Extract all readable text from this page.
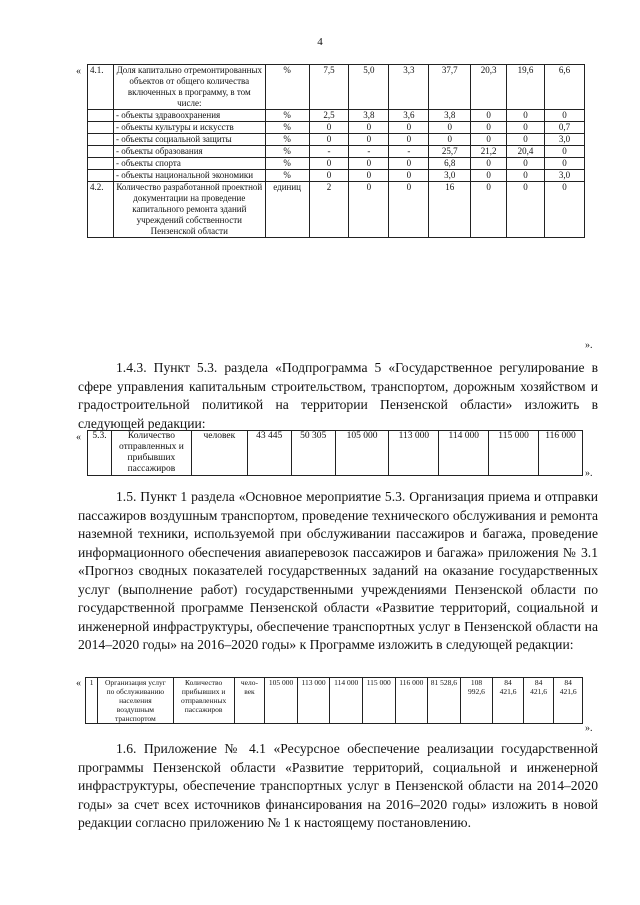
4
« 4.1.	Доля капитально отремонтированных объектов от общего количества включенных в программу, в том числе:	%	7,5	5,0	3,3	37,7	20,3	19,6	6,6
	- объекты здравоохранения	%	2,5	3,8	3,6	3,8	0	0	0
	- объекты культуры и искусств	%	0	0	0	0	0	0	0,7
	- объекты социальной защиты	%	0	0	0	0	0	0	3,0
	- объекты образования	%	-	-	-	25,7	21,2	20,4	0
	- объекты спорта	%	0	0	0	6,8	0	0	0
	- объекты национальной экономики	%	0	0	0	3,0	0	0	3,0
4.2.	Количество разработанной проектной документации на проведение капитального ремонта зданий учреждений собственности Пензенской области	единиц	2	0	0	16	0	0	0
».

1.4.3. Пункт 5.3. раздела «Подпрограмма 5 «Государственное регулирование в сфере управления капитальным строительством, транспортом, дорожным хозяйством и градостроительной политикой на территории Пензенской области» изложить в следующей редакции:

« 5.3.	Количество отправленных и прибывших пассажиров	человек	43 445	50 305	105 000	113 000	114 000	115 000	116 000
».

1.5. Пункт 1 раздела «Основное мероприятие 5.3. Организация приема и отправки пассажиров воздушным транспортом, проведение технического обслуживания и ремонта наземной техники, используемой при обслуживании пассажиров и багажа, проведение информационного обеспечения авиаперевозок пассажиров и багажа» приложения № 3.1 «Прогноз сводных показателей государственных заданий на оказание государственных услуг (выполнение работ) государственными учреждениями Пензенской области по государственной программе Пензенской области «Развитие территорий, социальной и инженерной инфраструктуры, обеспечение транспортных услуг в Пензенской области на 2014–2020 годы» на 2016–2020 годы» к Программе изложить в следующей редакции:

« 1	Организация услуг по обслуживанию населения воздушным транспортом	Количество прибывших и отправленных пассажиров	чело-век	105 000	113 000	114 000	115 000	116 000	81 528,6	108 992,6	84 421,6	84 421,6	84 421,6
».

1.6. Приложение № 4.1 «Ресурсное обеспечение реализации государственной программы Пензенской области «Развитие территорий, социальной и инженерной инфраструктуры, обеспечение транспортных услуг в Пензенской области на 2014–2020 годы» за счет всех источников финансирования на 2016–2020 годы» изложить в новой редакции согласно приложению № 1 к настоящему постановлению.
